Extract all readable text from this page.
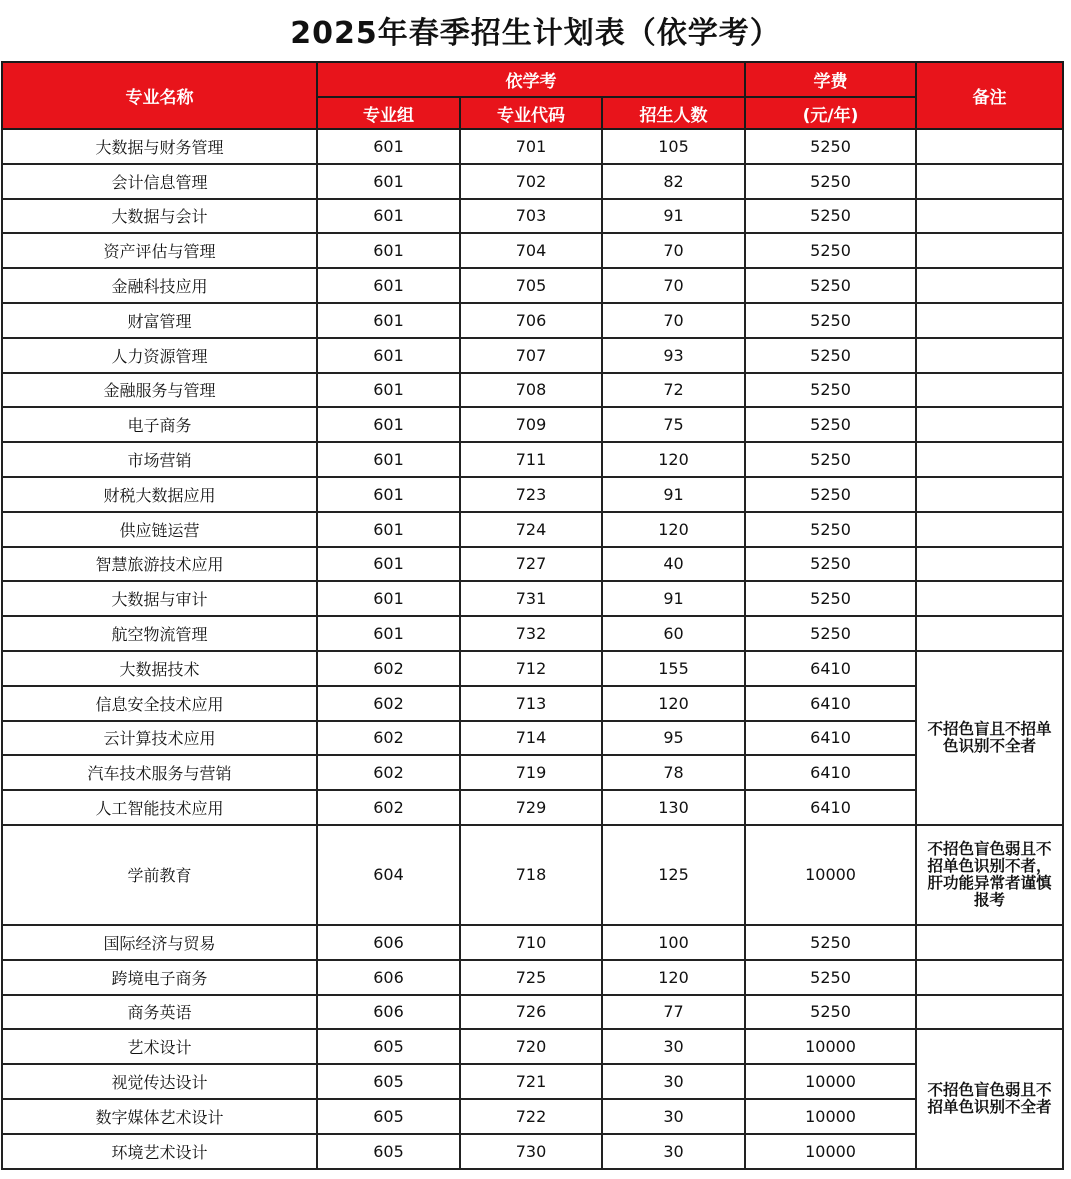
2025年春季招生计划表（依学考）
专业名称	依学考			学费	备注
	专业组	专业代码	招生人数	(元/年)	
大数据与财务管理	601	701	105	5250	
会计信息管理	601	702	82	5250	
大数据与会计	601	703	91	5250	
资产评估与管理	601	704	70	5250	
金融科技应用	601	705	70	5250	
财富管理	601	706	70	5250	
人力资源管理	601	707	93	5250	
金融服务与管理	601	708	72	5250	
电子商务	601	709	75	5250	
市场营销	601	711	120	5250	
财税大数据应用	601	723	91	5250	
供应链运营	601	724	120	5250	
智慧旅游技术应用	601	727	40	5250	
大数据与审计	601	731	91	5250	
航空物流管理	601	732	60	5250	
大数据技术	602	712	155	6410	不招色盲且不招单色识别不全者
信息安全技术应用	602	713	120	6410	
云计算技术应用	602	714	95	6410	
汽车技术服务与营销	602	719	78	6410	
人工智能技术应用	602	729	130	6410	
学前教育	604	718	125	10000	不招色盲色弱且不招单色识别不者，肝功能异常者谨慎报考
国际经济与贸易	606	710	100	5250	
跨境电子商务	606	725	120	5250	
商务英语	606	726	77	5250	
艺术设计	605	720	30	10000	不招色盲色弱且不招单色识别不全者
视觉传达设计	605	721	30	10000	
数字媒体艺术设计	605	722	30	10000	
环境艺术设计	605	730	30	10000	
